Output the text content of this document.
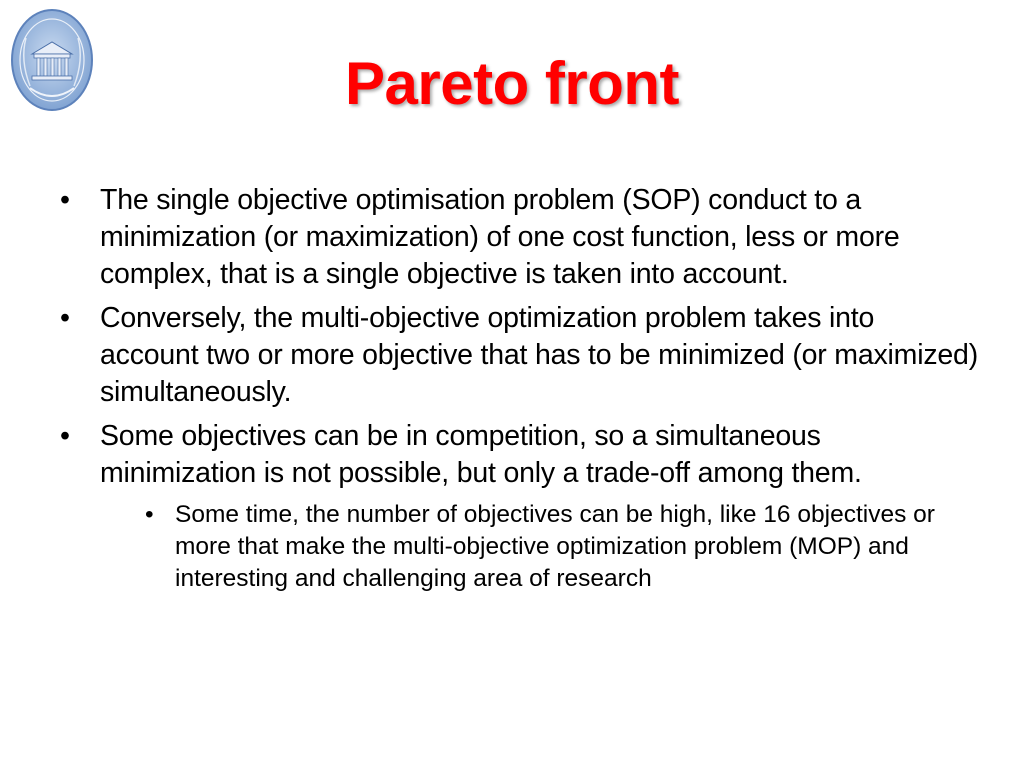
Pareto front
•	The single objective optimisation problem (SOP) conduct to a minimization (or maximization) of one cost function, less or more complex, that is a single objective is taken into account.
•	Conversely, the multi-objective optimization problem takes into account two or more objective that has to be minimized (or maximized) simultaneously.
•	Some objectives can be in competition, so a simultaneous minimization is not possible, but only a trade-off among them.
• Some time, the number of objectives can be high, like 16 objectives or more that make the multi-objective optimization problem (MOP) and interesting and challenging area of research
